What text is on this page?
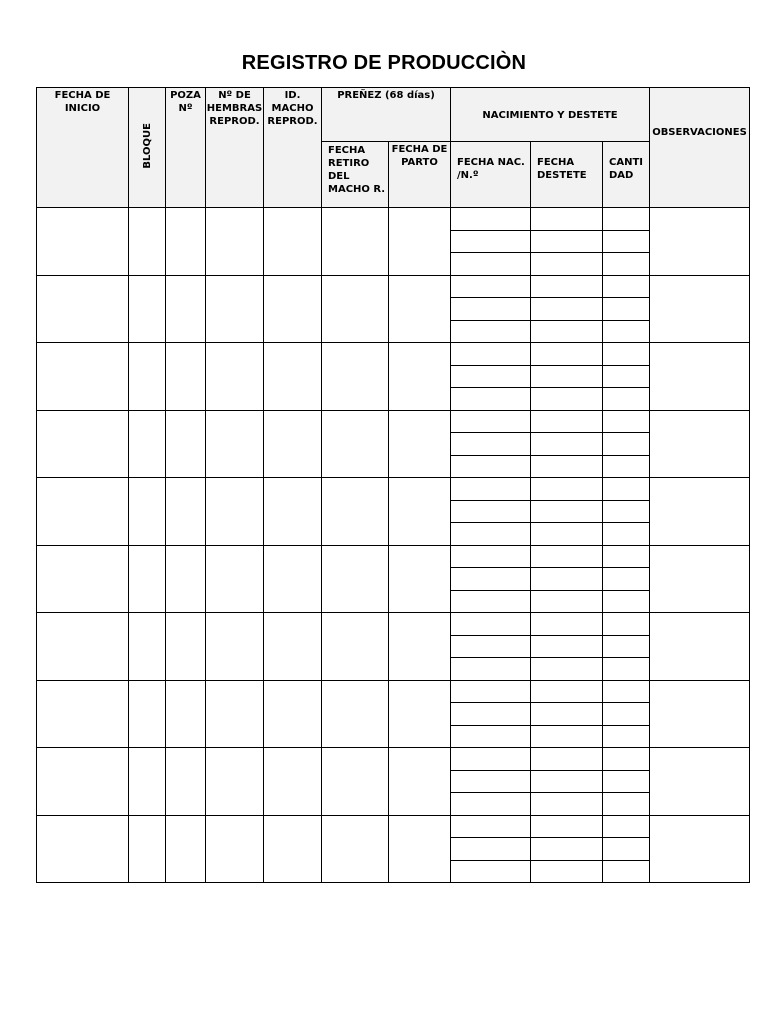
REGISTRO DE PRODUCCIÒN
FECHA DE INICIO	BLOQUE	POZA Nº	Nº DE HEMBRAS REPROD.	ID. MACHO REPROD.	PREÑEZ (68 días)		NACIMIENTO Y DESTETE			OBSERVACIONES
					FECHA RETIRO DEL MACHO R.	FECHA DE PARTO	FECHA NAC. /N.º	FECHA DESTETE	CANTI DAD	
